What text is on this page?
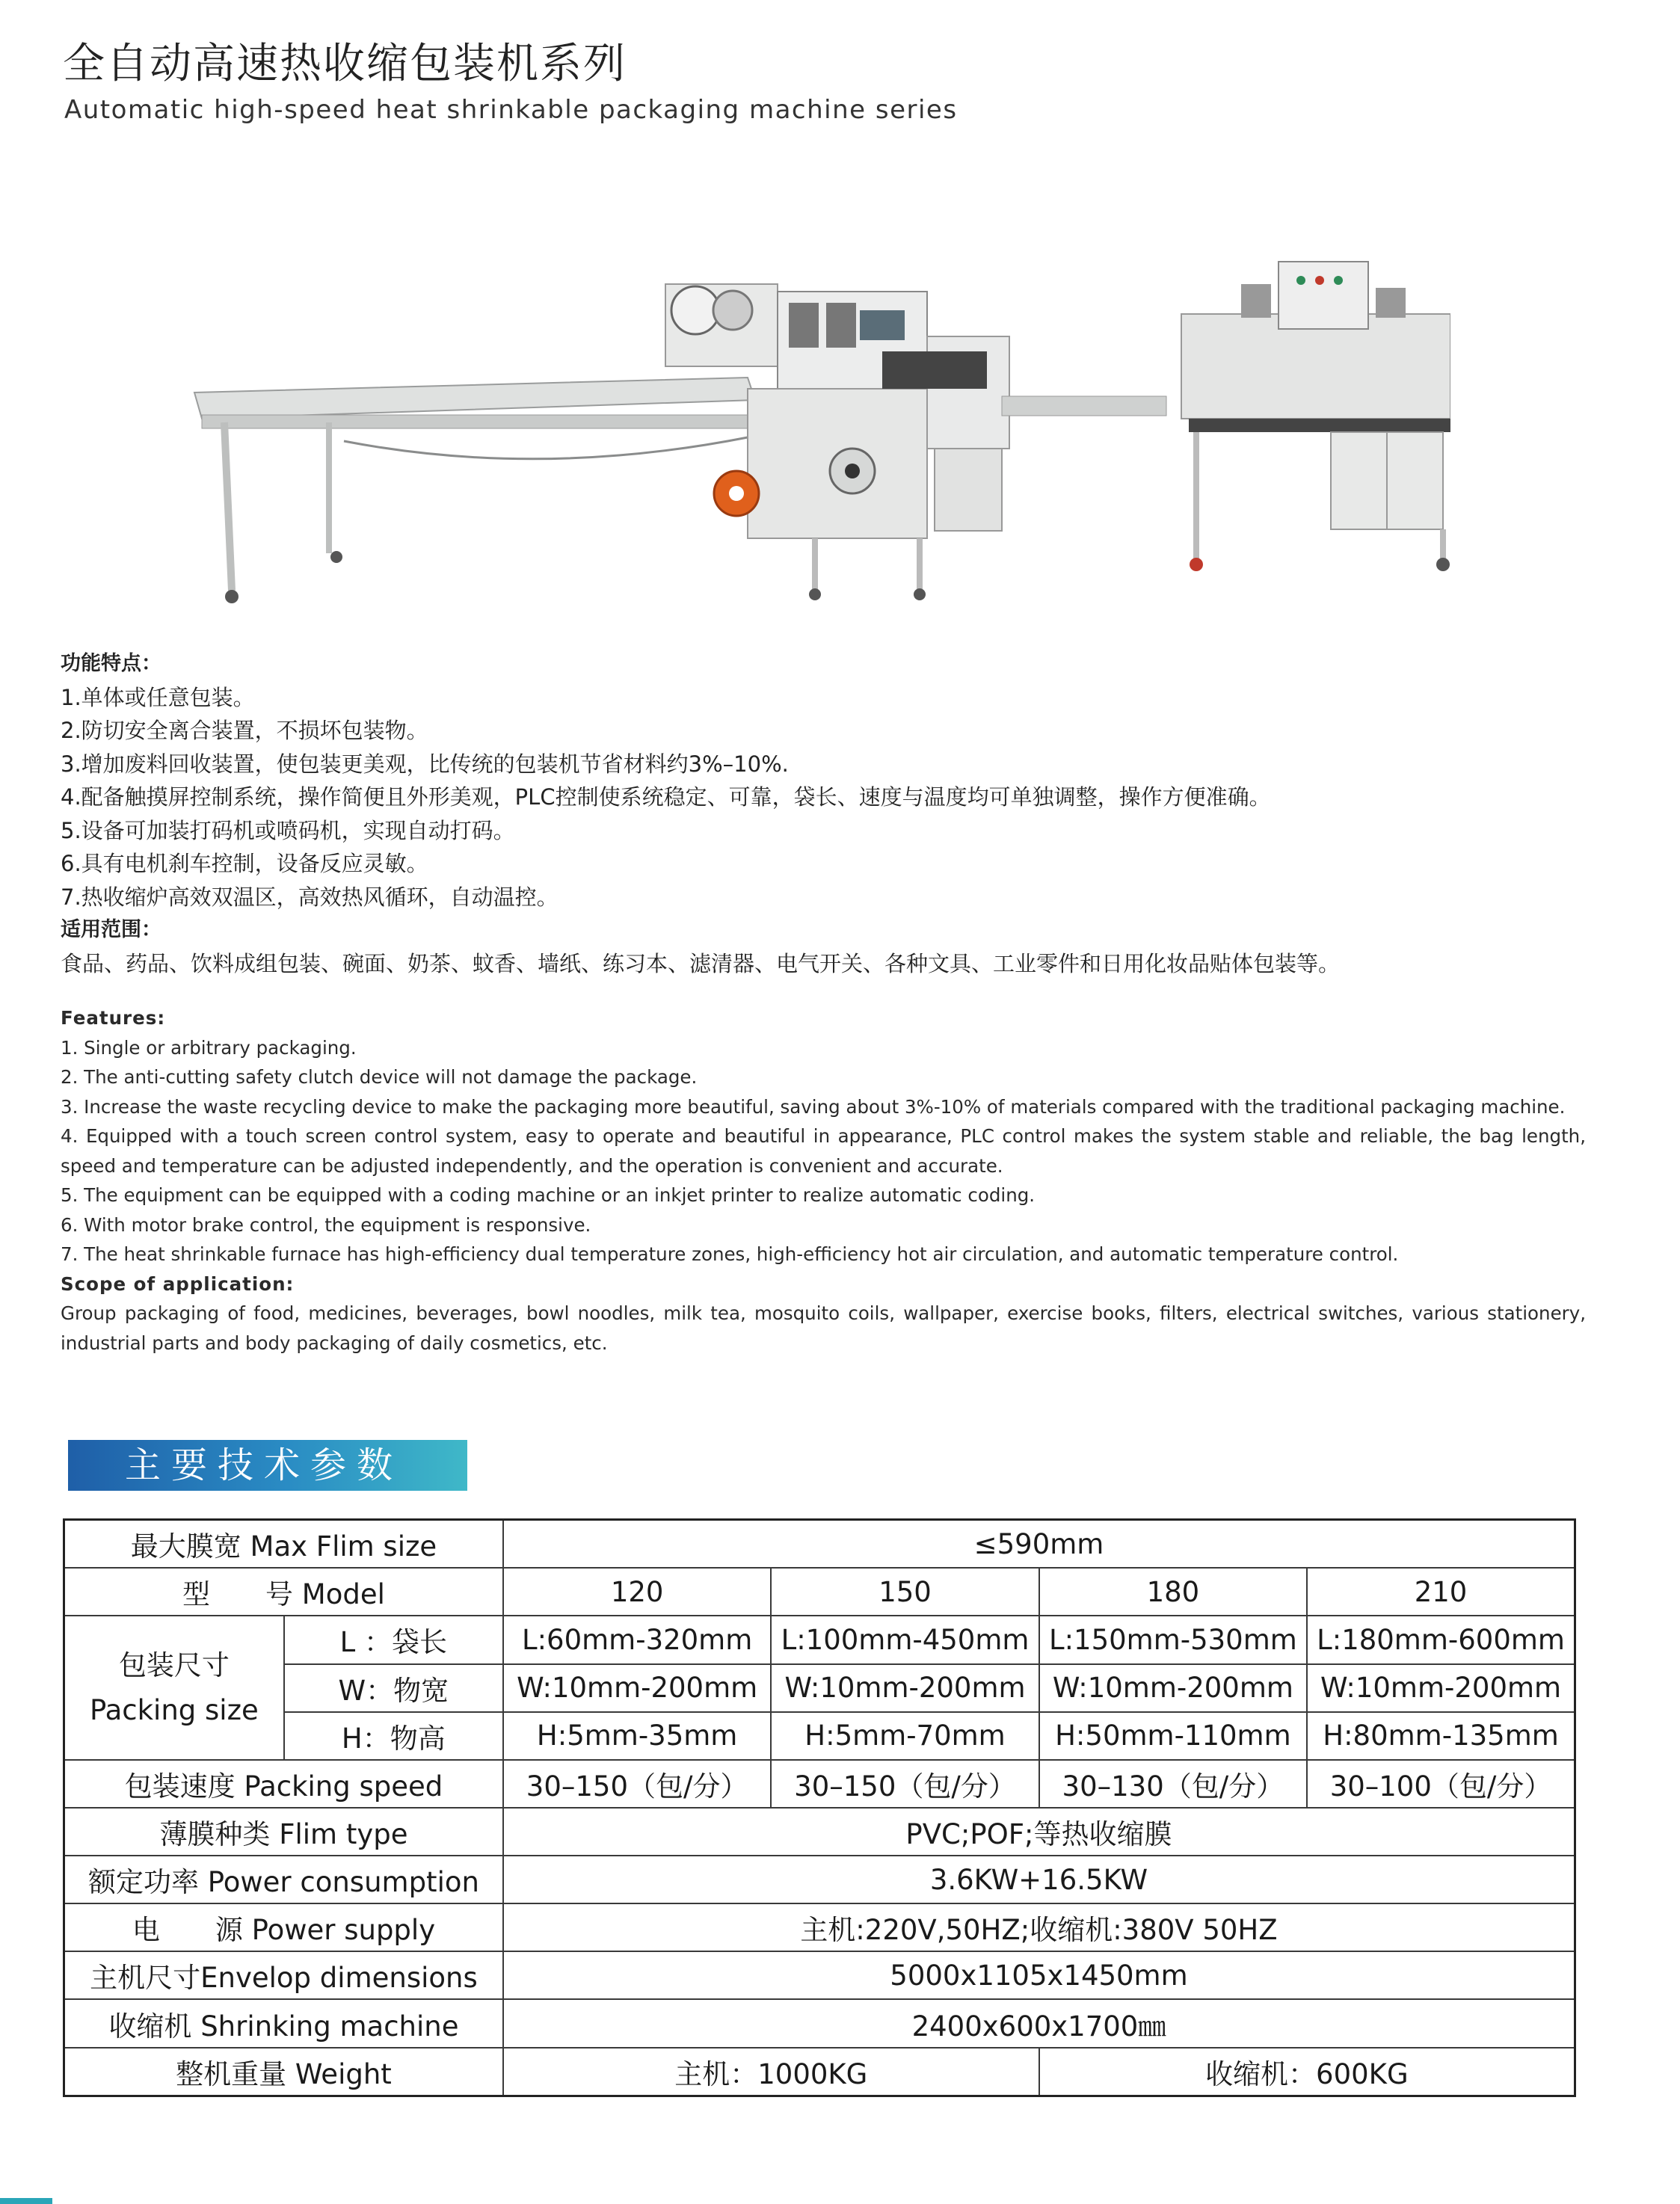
全自动高速热收缩包装机系列
Automatic high-speed heat shrinkable packaging machine series
功能特点：
1.单体或任意包装。
2.防切安全离合装置，不损坏包装物。
3.增加废料回收装置，使包装更美观，比传统的包装机节省材料约3%–10%.
4.配备触摸屏控制系统，操作简便且外形美观，PLC控制使系统稳定、可靠，袋长、速度与温度均可单独调整，操作方便准确。
5.设备可加装打码机或喷码机，实现自动打码。
6.具有电机刹车控制，设备反应灵敏。
7.热收缩炉高效双温区，高效热风循环，自动温控。
适用范围：
食品、药品、饮料成组包装、碗面、奶茶、蚊香、墙纸、练习本、滤清器、电气开关、各种文具、工业零件和日用化妆品贴体包装等。
Features:
1. Single or arbitrary packaging.
2. The anti-cutting safety clutch device will not damage the package.
3. Increase the waste recycling device to make the packaging more beautiful, saving about 3%-10% of materials compared with the traditional packaging machine.
4. Equipped with a touch screen control system, easy to operate and beautiful in appearance, PLC control makes the system stable and reliable, the bag length, speed and temperature can be adjusted independently, and the operation is convenient and accurate.
5. The equipment can be equipped with a coding machine or an inkjet printer to realize automatic coding.
6. With motor brake control, the equipment is responsive.
7. The heat shrinkable furnace has high-efficiency dual temperature zones, high-efficiency hot air circulation, and automatic temperature control.
Scope of application:
Group packaging of food, medicines, beverages, bowl noodles, milk tea, mosquito coils, wallpaper, exercise books, filters, electrical switches, various stationery, industrial parts and body packaging of daily cosmetics, etc.
主要技术参数
最大膜宽 Max Flim size		≤590mm			
型　　号 Model		120	150	180	210

包装尺寸
Packing size	L ：袋长	L:60mm-320mm	L:100mm-450mm	L:150mm-530mm	L:180mm-600mm
	W：物宽	W:10mm-200mm	W:10mm-200mm	W:10mm-200mm	W:10mm-200mm
	H：物高	H:5mm-35mm	H:5mm-70mm	H:50mm-110mm	H:80mm-135mm
包装速度 Packing speed		30–150（包/分）	30–150（包/分）	30–130（包/分）	30–100（包/分）
薄膜种类 Flim type		PVC;POF;等热收缩膜			
额定功率 Power consumption		3.6KW+16.5KW			
电　　源 Power supply		主机:220V,50HZ;收缩机:380V 50HZ			
主机尺寸Envelop dimensions		5000x1105x1450mm			
收缩机 Shrinking machine		2400x600x1700㎜			
整机重量 Weight		主机：1000KG		收缩机：600KG	
